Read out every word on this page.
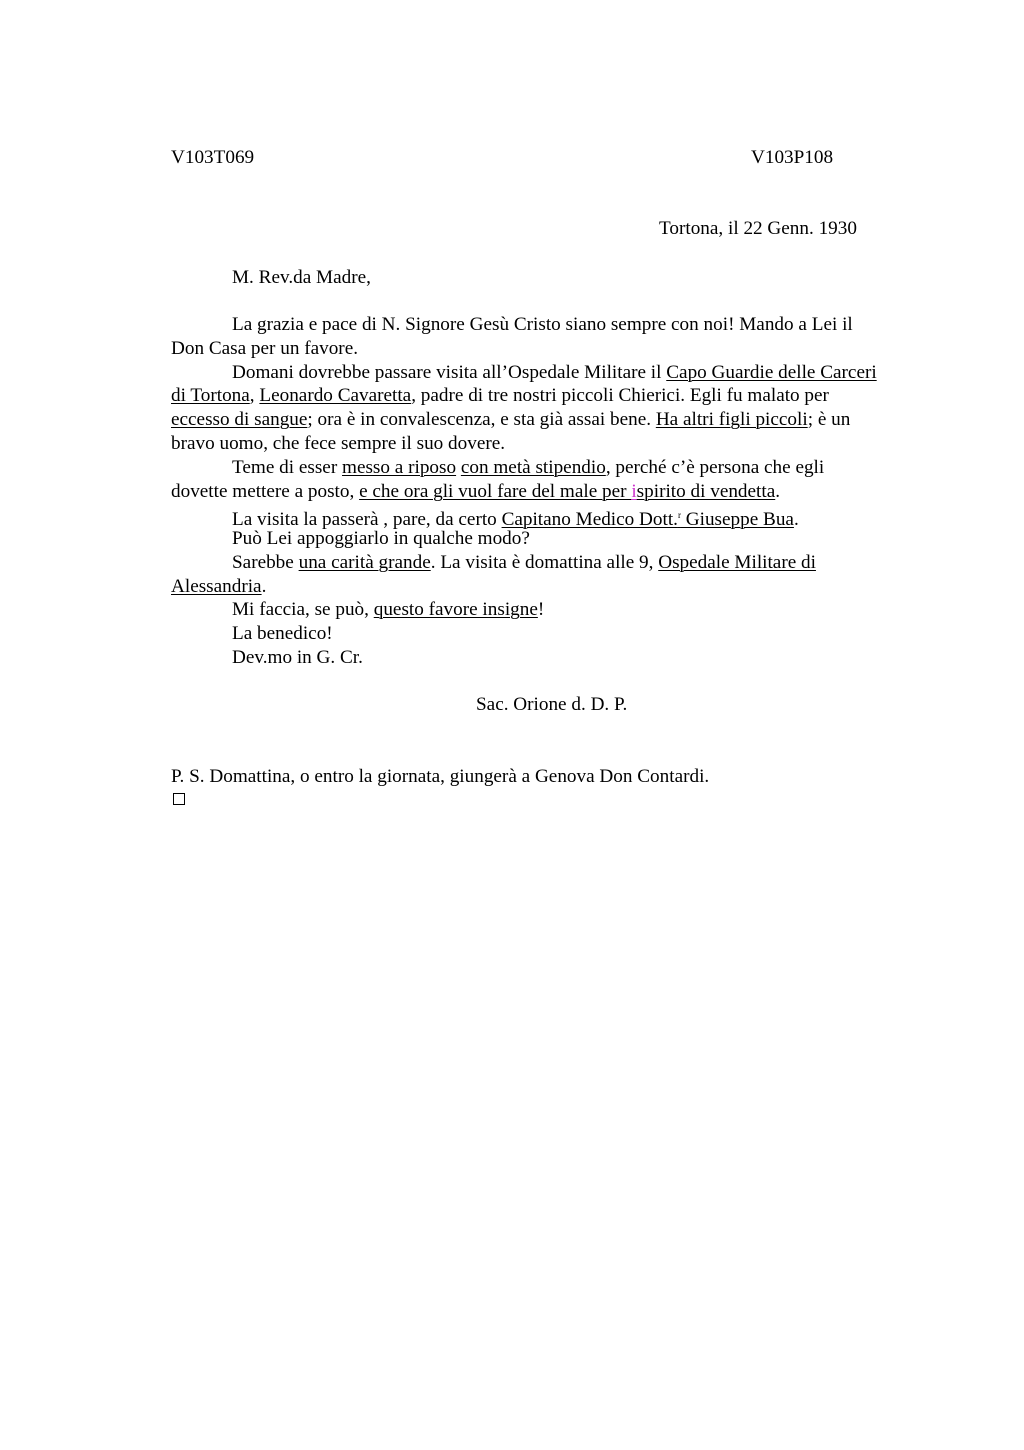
V103T069	V103P108
Tortona, il 22 Genn. 1930
M. Rev.da Madre,
La grazia e pace di N. Signore Gesù Cristo siano sempre con noi! Mando a Lei il
Don Casa per un favore.
Domani dovrebbe passare visita all’Ospedale Militare il Capo Guardie delle Carceri
di Tortona, Leonardo Cavaretta, padre di tre nostri piccoli Chierici. Egli fu malato per
eccesso di sangue; ora è in convalescenza, e sta già assai bene. Ha altri figli piccoli; è un
bravo uomo, che fece sempre il suo dovere.
Teme di esser messo a riposo con metà stipendio, perché c’è persona che egli
dovette mettere a posto, e che ora gli vuol fare del male per ispirito di vendetta.
La visita la passerà , pare, da certo Capitano Medico Dott.$^r$ Giuseppe Bua.
Può Lei appoggiarlo in qualche modo?
Sarebbe una carità grande. La visita è domattina alle 9, Ospedale Militare di
Alessandria.
Mi faccia, se può, questo favore insigne!
La benedico!
Dev.mo in G. Cr.
Sac. Orione d. D. P.
P. S. Domattina, o entro la giornata, giungerà a Genova Don Contardi.
